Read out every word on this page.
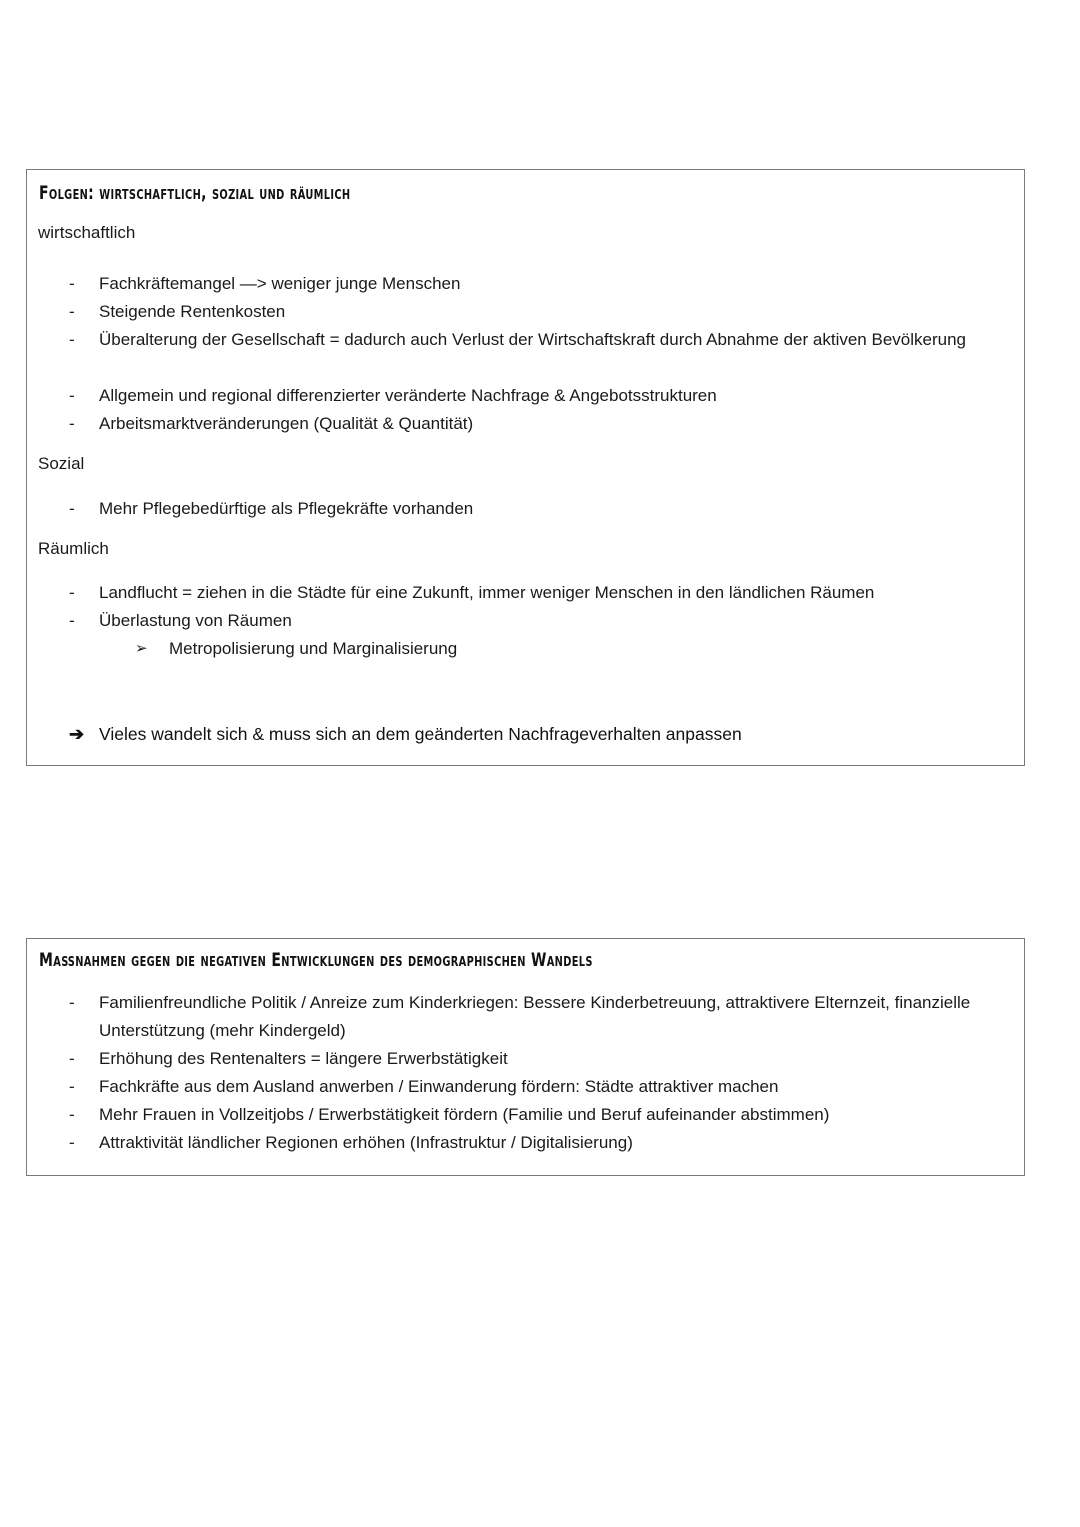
Folgen: wirtschaftlich, sozial und räumlich
wirtschaftlich
-	Fachkräftemangel —> weniger junge Menschen
-	Steigende Rentenkosten
-	Überalterung der Gesellschaft = dadurch auch Verlust der Wirtschaftskraft durch Abnahme der aktiven Bevölkerung
-	Allgemein und regional differenzierter veränderte Nachfrage & Angebotsstrukturen
-	Arbeitsmarktveränderungen (Qualität & Quantität)
Sozial
-	Mehr Pflegebedürftige als Pflegekräfte vorhanden
Räumlich
-	Landflucht = ziehen in die Städte für eine Zukunft, immer weniger Menschen in den ländlichen Räumen
-	Überlastung von Räumen
➢	Metropolisierung und Marginalisierung
➔ Vieles wandelt sich & muss sich an dem geänderten Nachfrageverhalten anpassen
Maßnahmen gegen die negativen Entwicklungen des demographischen Wandels
-	Familienfreundliche Politik / Anreize zum Kinderkriegen: Bessere Kinderbetreuung, attraktivere Elternzeit, finanzielle Unterstützung (mehr Kindergeld)
-	Erhöhung des Rentenalters = längere Erwerbstätigkeit
-	Fachkräfte aus dem Ausland anwerben / Einwanderung fördern: Städte attraktiver machen
-	Mehr Frauen in Vollzeitjobs / Erwerbstätigkeit fördern (Familie und Beruf aufeinander abstimmen)
-	Attraktivität ländlicher Regionen erhöhen (Infrastruktur / Digitalisierung)
